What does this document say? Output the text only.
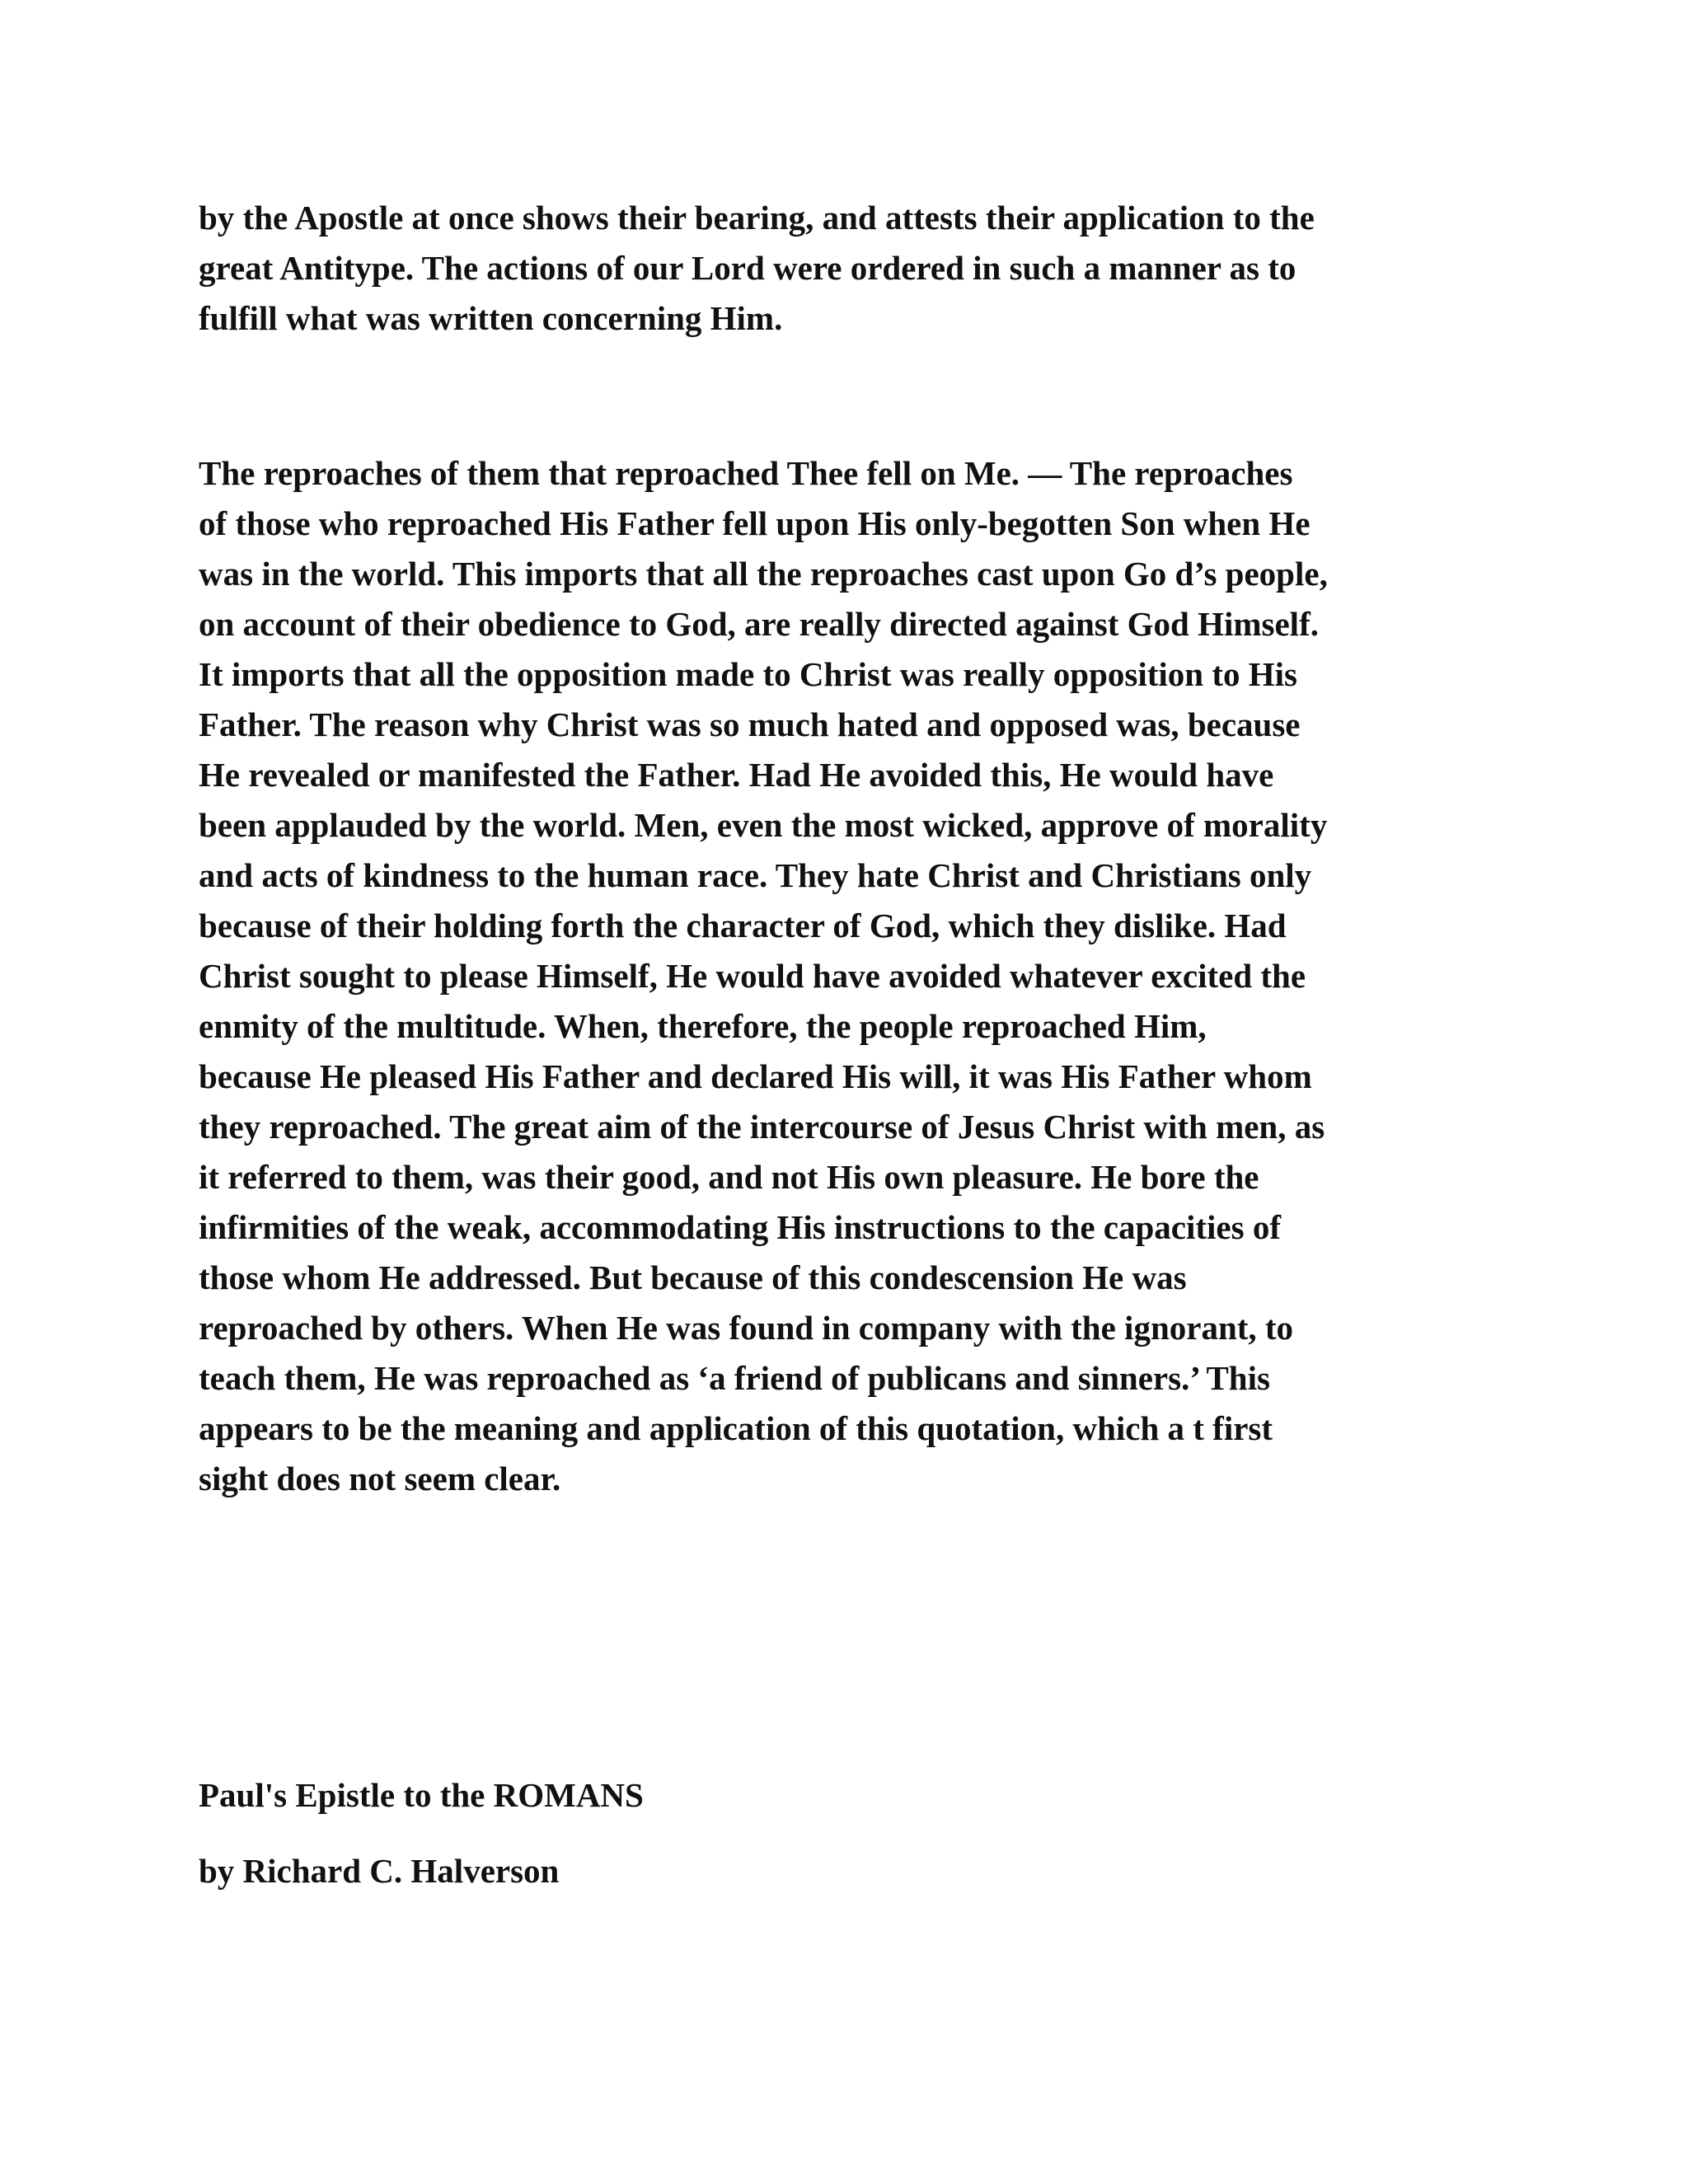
by the Apostle at once shows their bearing, and attests their application to the
great Antitype. The actions of our Lord were ordered in such a manner as to
fulfill what was written concerning Him.
The reproaches of them that reproached Thee fell on Me. — The reproaches
of those who reproached His Father fell upon His only-begotten Son when He
was in the world. This imports that all the reproaches cast upon Go d’s people,
on account of their obedience to God, are really directed against God Himself.
It imports that all the opposition made to Christ was really opposition to His
Father. The reason why Christ was so much hated and opposed was, because
He revealed or manifested the Father. Had He avoided this, He would have
been applauded by the world. Men, even the most wicked, approve of morality
and acts of kindness to the human race. They hate Christ and Christians only
because of their holding forth the character of God, which they dislike. Had
Christ sought to please Himself, He would have avoided whatever excited the
enmity of the multitude. When, therefore, the people reproached Him,
because He pleased His Father and declared His will, it was His Father whom
they reproached. The great aim of the intercourse of Jesus Christ with men, as
it referred to them, was their good, and not His own pleasure. He bore the
infirmities of the weak, accommodating His instructions to the capacities of
those whom He addressed. But because of this condescension He was
reproached by others. When He was found in company with the ignorant, to
teach them, He was reproached as ‘a friend of publicans and sinners.’ This
appears to be the meaning and application of this quotation, which a t first
sight does not seem clear.
Paul's Epistle to the ROMANS
by Richard C. Halverson
